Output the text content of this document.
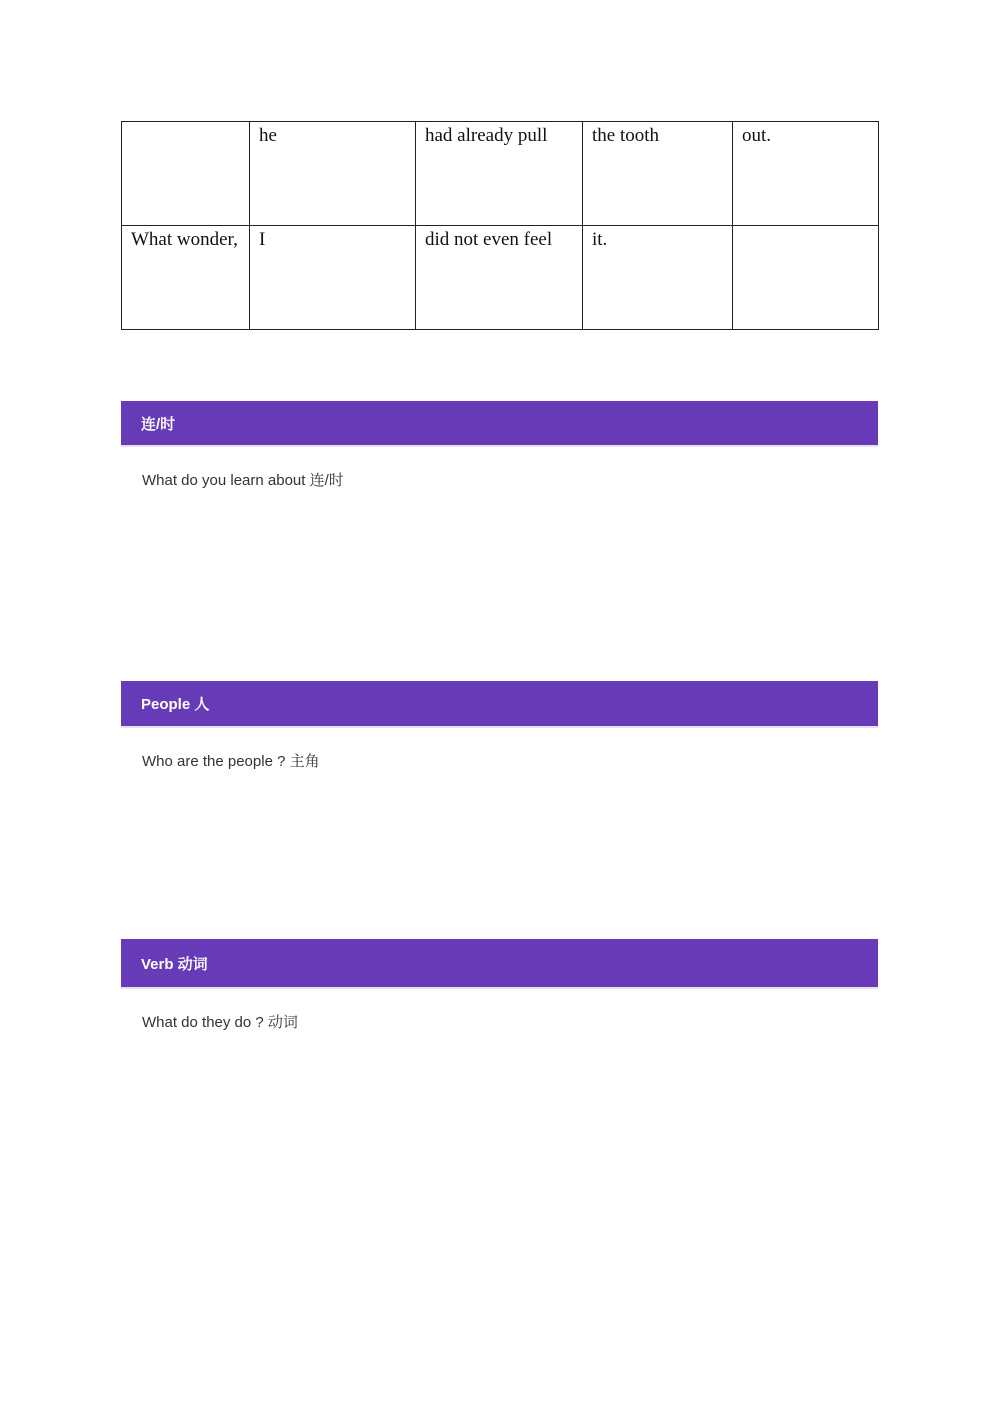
	he	had already pull	the tooth	out.
What wonder,	I	did not even feel	it.	
连/时
What do you learn about 连/时
People 人
Who are the people ? 主角
Verb 动词
What do they do ? 动词
